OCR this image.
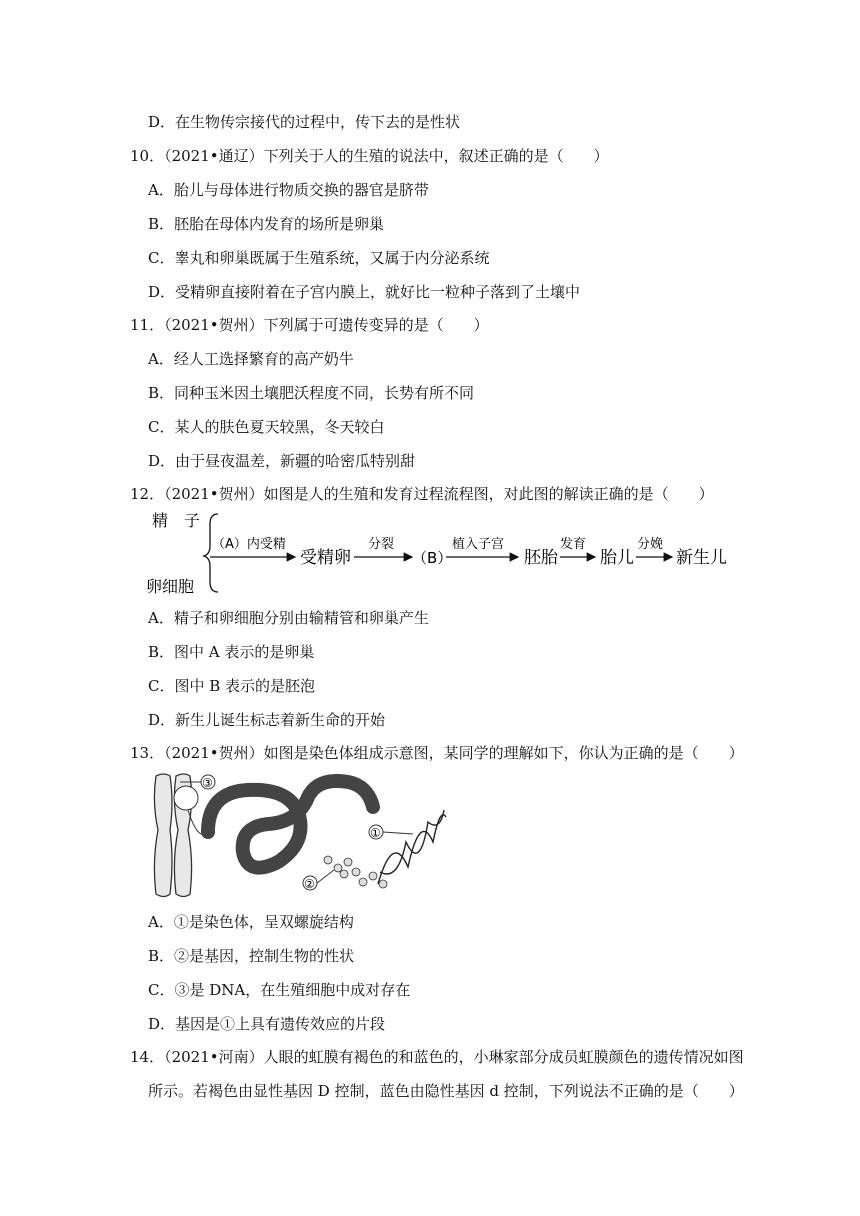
D．在生物传宗接代的过程中，传下去的是性状
10．（2021•通辽）下列关于人的生殖的说法中，叙述正确的是（　　）
A．胎儿与母体进行物质交换的器官是脐带
B．胚胎在母体内发育的场所是卵巢
C．睾丸和卵巢既属于生殖系统，又属于内分泌系统
D．受精卵直接附着在子宫内膜上，就好比一粒种子落到了土壤中
11．（2021•贺州）下列属于可遗传变异的是（　　）
A．经人工选择繁育的高产奶牛
B．同种玉米因土壤肥沃程度不同，长势有所不同
C．某人的肤色夏天较黑，冬天较白
D．由于昼夜温差，新疆的哈密瓜特别甜
12．（2021•贺州）如图是人的生殖和发育过程流程图，对此图的解读正确的是（　　）
精　子
卵细胞
（A）内受精
受精卵
分裂
（B）
植入子宫
胚胎
发育
胎儿
分娩
新生儿
A．精子和卵细胞分别由输精管和卵巢产生
B．图中 A 表示的是卵巢
C．图中 B 表示的是胚泡
D．新生儿诞生标志着新生命的开始
13．（2021•贺州）如图是染色体组成示意图，某同学的理解如下，你认为正确的是（　　）
③
①
②
A．①是染色体，呈双螺旋结构
B．②是基因，控制生物的性状
C．③是 DNA，在生殖细胞中成对存在
D．基因是①上具有遗传效应的片段
14．（2021•河南）人眼的虹膜有褐色的和蓝色的，小琳家部分成员虹膜颜色的遗传情况如图
所示。若褐色由显性基因 D 控制，蓝色由隐性基因 d 控制，下列说法不正确的是（　　）
